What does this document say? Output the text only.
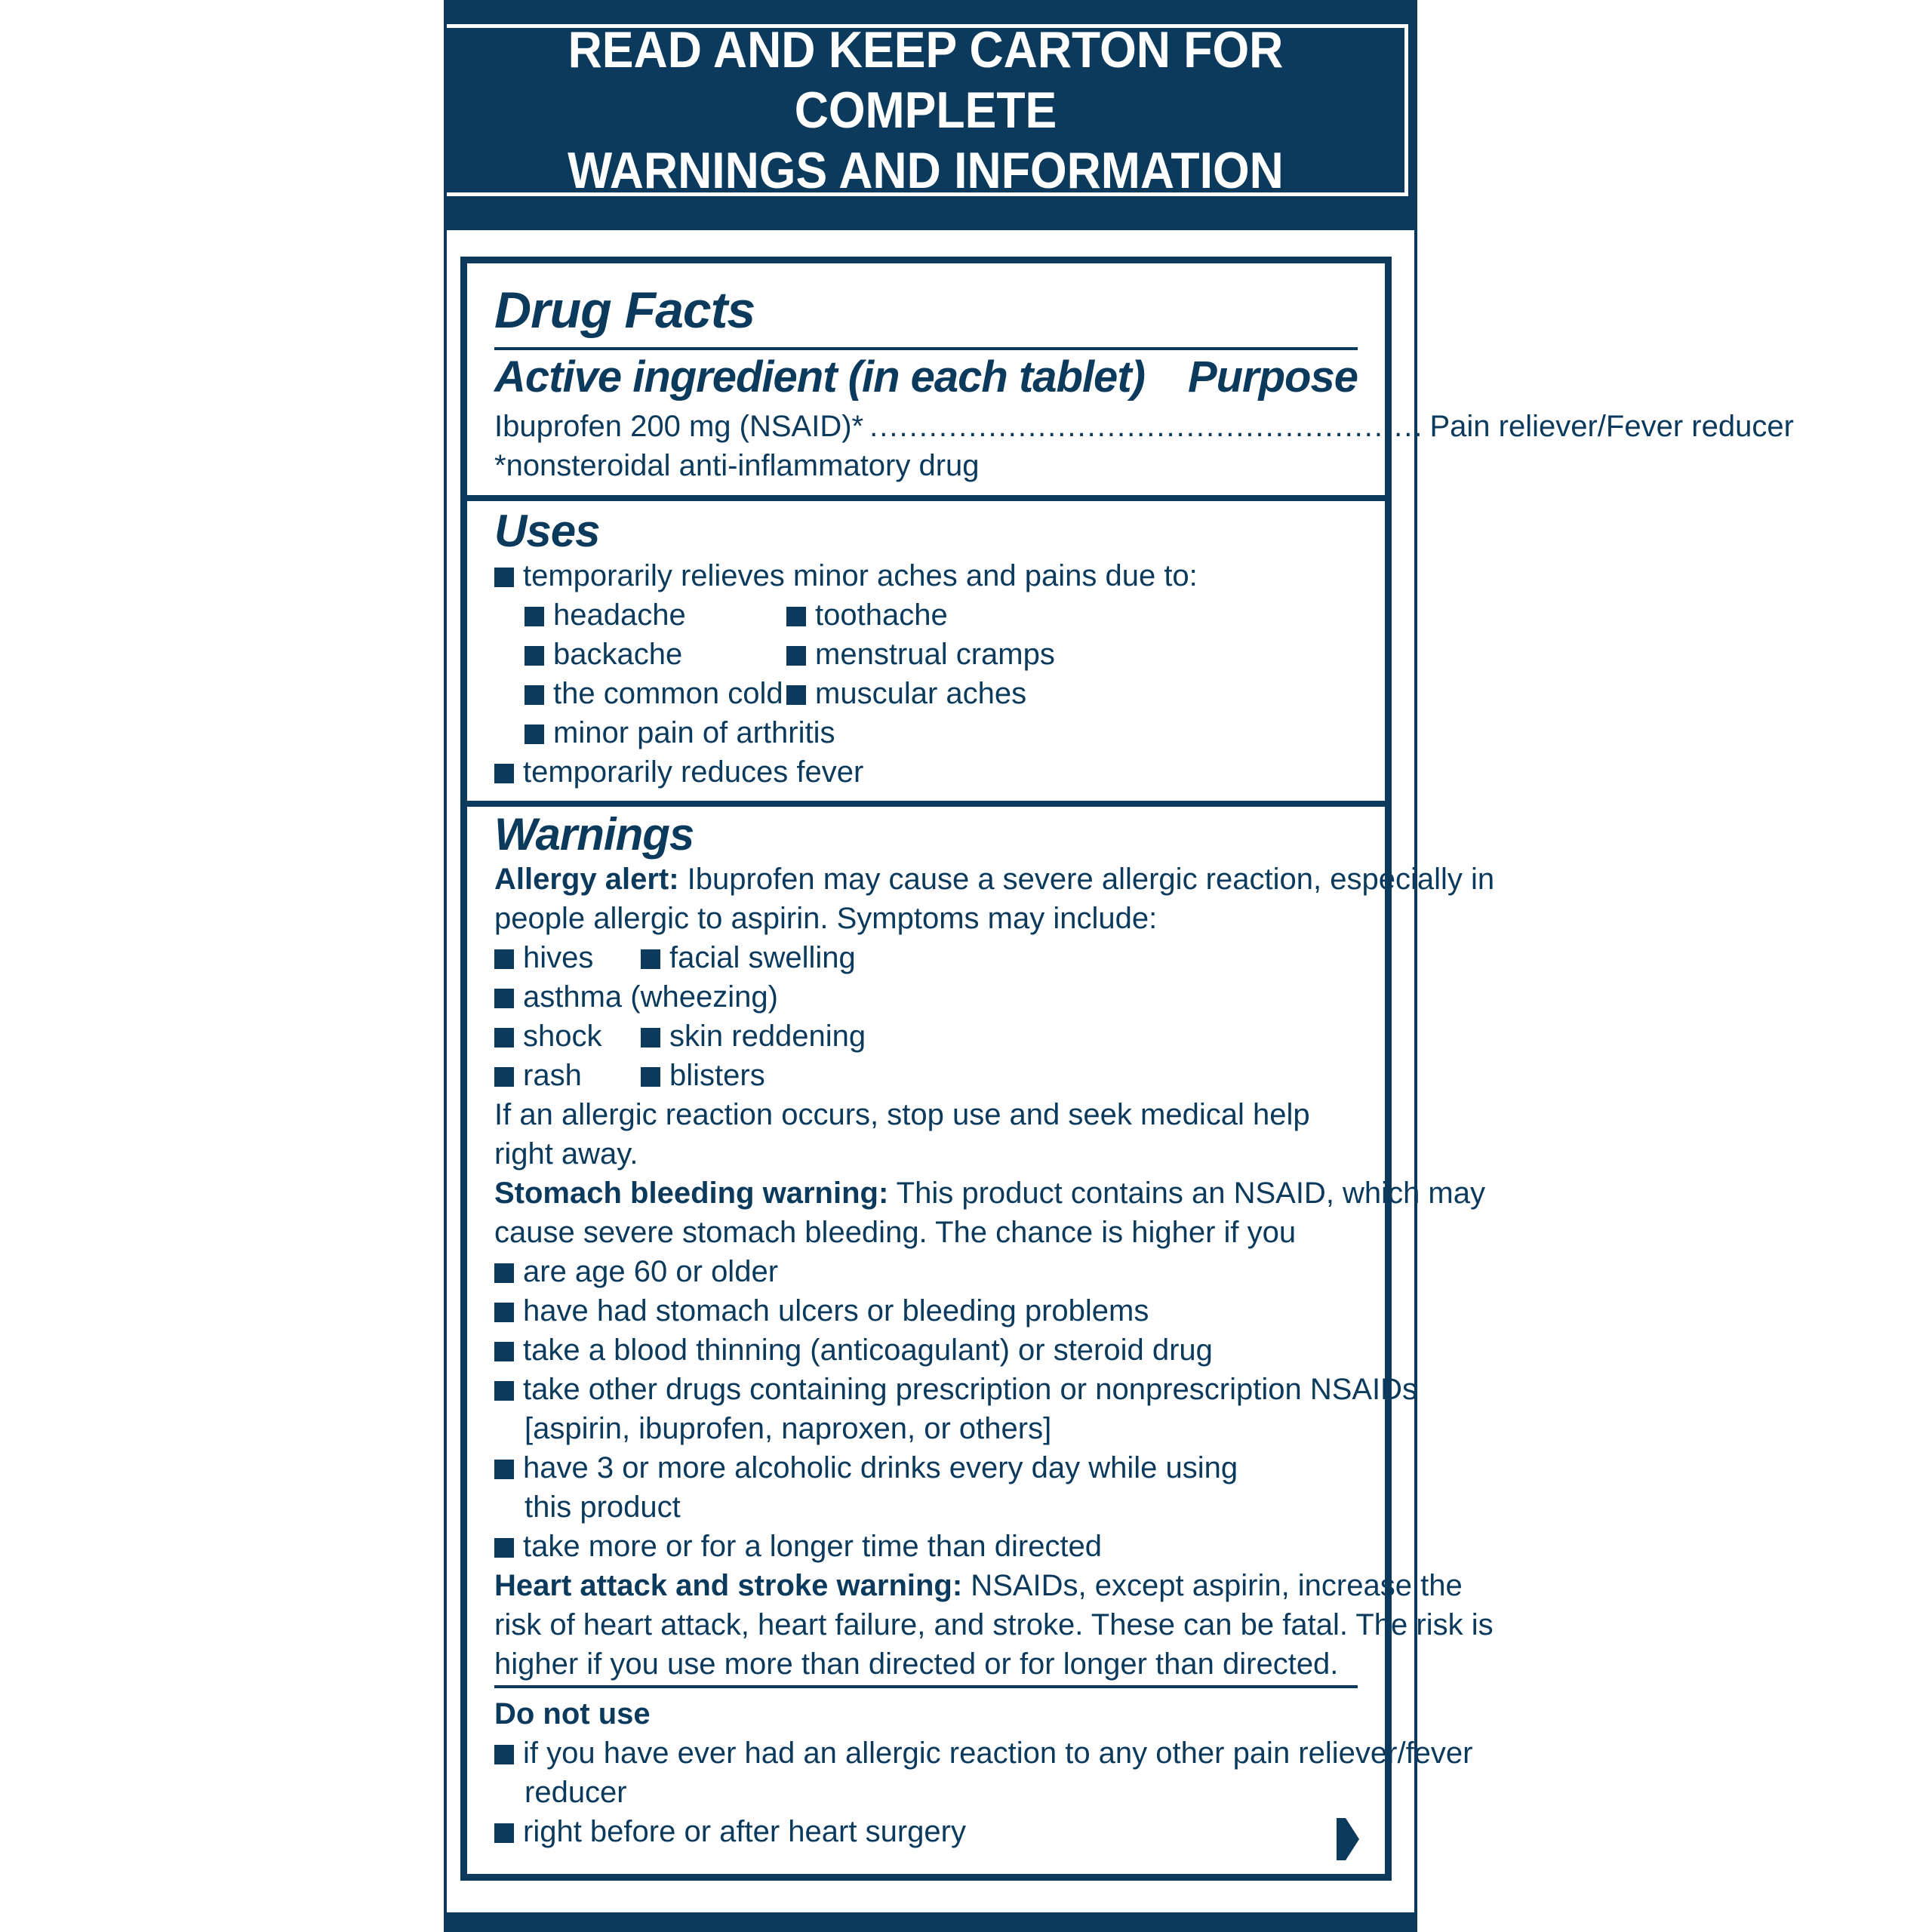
READ AND KEEP CARTON FOR COMPLETE
WARNINGS AND INFORMATION
Drug Facts
Active ingredient (in each tablet) Purpose
Ibuprofen 200 mg (NSAID)* ........................................................ Pain reliever/Fever reducer
*nonsteroidal anti-inflammatory drug
Uses
temporarily relieves minor aches and pains due to:
headache
backache
the common cold
minor pain of arthritis
toothache
menstrual cramps
muscular aches
temporarily reduces fever
Warnings
Allergy alert: Ibuprofen may cause a severe allergic reaction, especially in
people allergic to aspirin. Symptoms may include:
hives	facial swelling
asthma (wheezing)
shock	skin reddening
rash	blisters
If an allergic reaction occurs, stop use and seek medical help
right away.
Stomach bleeding warning: This product contains an NSAID, which may
cause severe stomach bleeding. The chance is higher if you
are age 60 or older
have had stomach ulcers or bleeding problems
take a blood thinning (anticoagulant) or steroid drug
take other drugs containing prescription or nonprescription NSAIDs
[aspirin, ibuprofen, naproxen, or others]
have 3 or more alcoholic drinks every day while using
this product
take more or for a longer time than directed
Heart attack and stroke warning: NSAIDs, except aspirin, increase the
risk of heart attack, heart failure, and stroke. These can be fatal. The risk is
higher if you use more than directed or for longer than directed.
Do not use
if you have ever had an allergic reaction to any other pain reliever/fever
reducer
right before or after heart surgery
